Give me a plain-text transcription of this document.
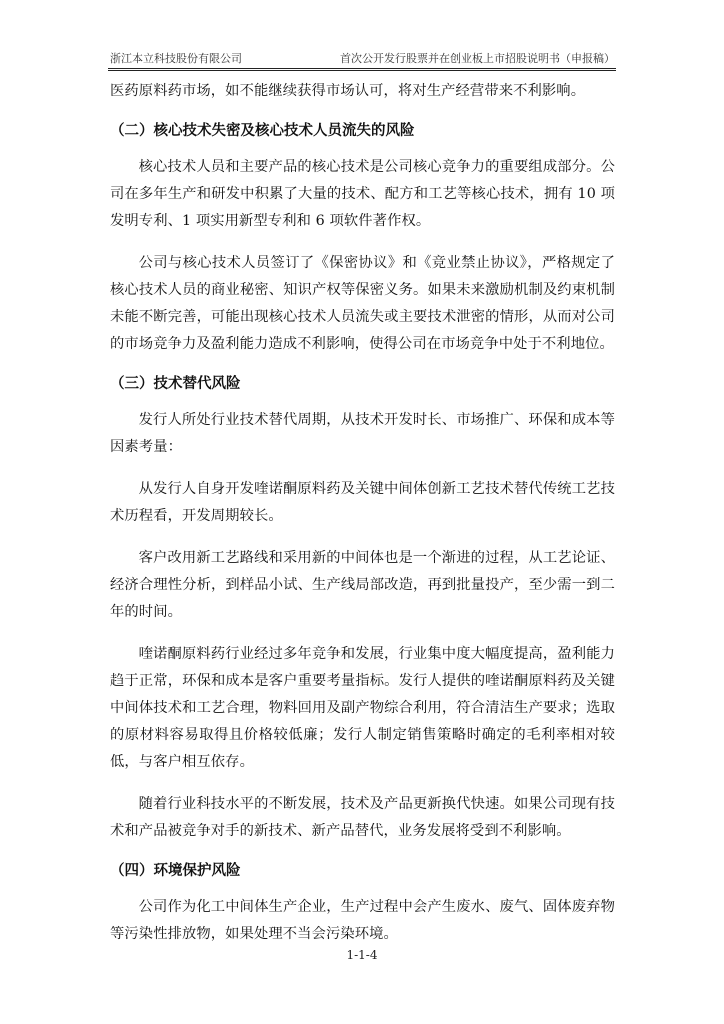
浙江本立科技股份有限公司	首次公开发行股票并在创业板上市招股说明书（申报稿）

医药原料药市场，如不能继续获得市场认可，将对生产经营带来不利影响。

（二）核心技术失密及核心技术人员流失的风险

核心技术人员和主要产品的核心技术是公司核心竞争力的重要组成部分。公司在多年生产和研发中积累了大量的技术、配方和工艺等核心技术，拥有 10 项发明专利、1 项实用新型专利和 6 项软件著作权。

公司与核心技术人员签订了《保密协议》和《竞业禁止协议》，严格规定了核心技术人员的商业秘密、知识产权等保密义务。如果未来激励机制及约束机制未能不断完善，可能出现核心技术人员流失或主要技术泄密的情形，从而对公司的市场竞争力及盈利能力造成不利影响，使得公司在市场竞争中处于不利地位。

（三）技术替代风险

发行人所处行业技术替代周期，从技术开发时长、市场推广、环保和成本等因素考量：

从发行人自身开发喹诺酮原料药及关键中间体创新工艺技术替代传统工艺技术历程看，开发周期较长。

客户改用新工艺路线和采用新的中间体也是一个渐进的过程，从工艺论证、经济合理性分析，到样品小试、生产线局部改造，再到批量投产，至少需一到二年的时间。

喹诺酮原料药行业经过多年竞争和发展，行业集中度大幅度提高，盈利能力趋于正常，环保和成本是客户重要考量指标。发行人提供的喹诺酮原料药及关键中间体技术和工艺合理，物料回用及副产物综合利用，符合清洁生产要求；选取的原材料容易取得且价格较低廉；发行人制定销售策略时确定的毛利率相对较低，与客户相互依存。

随着行业科技水平的不断发展，技术及产品更新换代快速。如果公司现有技术和产品被竞争对手的新技术、新产品替代，业务发展将受到不利影响。

（四）环境保护风险

公司作为化工中间体生产企业，生产过程中会产生废水、废气、固体废弃物等污染性排放物，如果处理不当会污染环境。

1-1-4
